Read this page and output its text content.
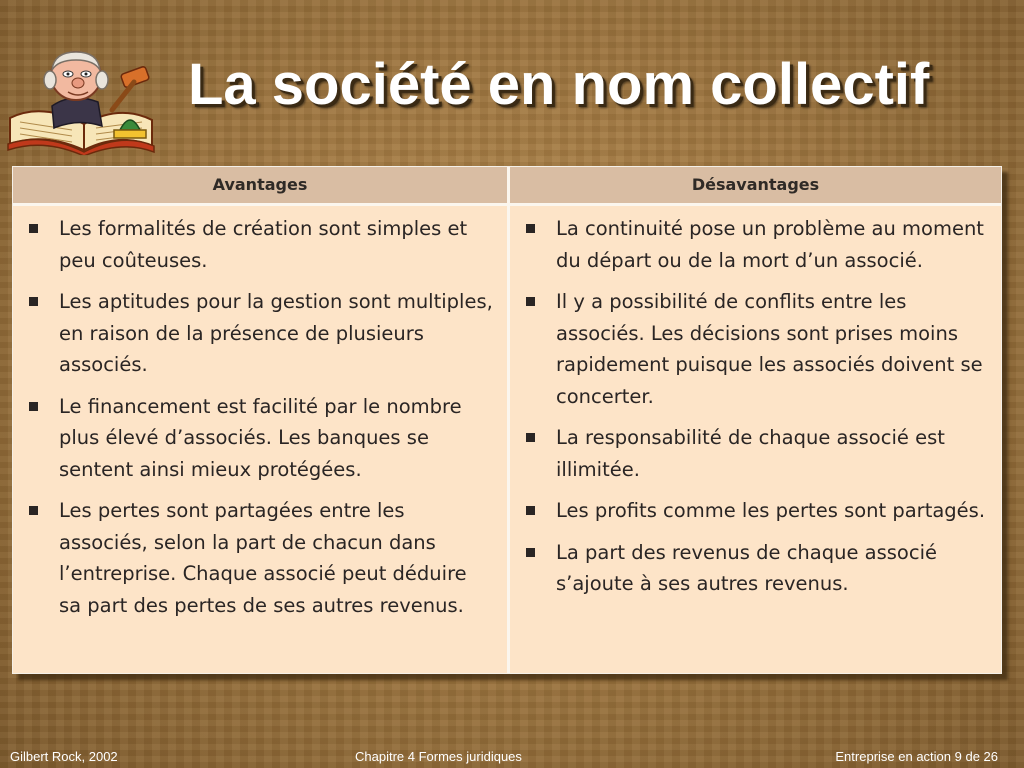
La société en nom collectif
Avantages
Les formalités de création sont simples et peu coûteuses.
Les aptitudes pour la gestion sont multiples, en raison de la présence de plusieurs associés.
Le financement est facilité par le nombre plus élevé d’associés. Les banques se sentent ainsi mieux protégées.
Les pertes sont partagées entre les associés, selon la part de chacun dans l’entreprise. Chaque associé peut déduire sa part des pertes de ses autres revenus.
Désavantages
La continuité pose un problème au moment du départ ou de la mort d’un associé.
Il y a possibilité de conflits entre les associés. Les décisions sont prises moins rapidement puisque les associés doivent se concerter.
La responsabilité de chaque associé est illimitée.
Les profits comme les pertes sont partagés.
La part des revenus de chaque associé s’ajoute à ses autres revenus.
Gilbert Rock, 2002	Chapitre 4 Formes juridiques	Entreprise en action 9 de 26
